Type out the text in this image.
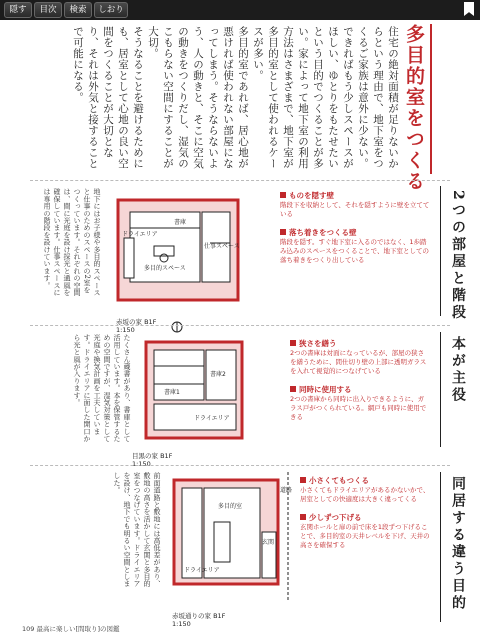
隠す	目次	検索	しおり
多目的室をつくる
住宅の絶対面積が足りないからという理由で、地下室をつくるご家族は意外に少ない。できればもう少しスペースがほしい、ゆとりをもたせたいという目的でつくることが多い。家によって地下室の利用方法はさまざまで、地下室が多目的室として使われるケースが多い。
多目的室であれば、居心地が悪ければ使われない部屋になってしまう。そうならないよう、人の動きと、そこに空気の動きをつくりだし、湿気のこもらない空間にすることが大切。
そうなることを避けるためにも、居室として心地の良い空間をつくることが大切となり、それは外気と接すること で可能になる。
2つの部屋と階段
地下にはお子様や多目的スペースと仕事のためのスペースの2室をつくっています。それぞれの空間は、間に光庭を設け採光と通風を確保しています。仕事スペースには専用の階段を設けています。	書庫
多目的スペース
仕事スペース
ドライエリア
赤坂の家 B1F
1:150
ものを隠す壁
階段下を収納として、それを隠すように壁を立てている
落ち着きをつくる壁
階段を隠す。すぐ地下室に入るのではなく、1歩踏み込みのスペースをつくることで、地下室としての落ち着きをつくり出している
本が主役
たくさん蔵書があり、書庫として活用しています。本を保管するための空間ですが、湿気対策として光庭や換気計画を工夫しています。ドライエリアに面した開口から光と風が入ります。	書庫1
書庫2
ドライエリア
目黒の家 B1F
1:150
狭さを繕う
2つの書庫は対面になっているが、部屋の狭さを繕うために、間仕切り壁の上部に透明ガラスを入れて視覚的につなげている
同時に使用する
2つの書庫から同時に出入りできるように、ガラス戸がつくられている。網戸も同時に使用できる
同居する違う目的
前面道路と敷地には高低差があり、敷地の高さを活かして玄関と多目的室をつなげています。ドライエリアを設け、地下でも明るい空間としました。
多目的室
ドライエリア
道路
玄関
赤坂通りの家 B1F
1:150
小さくてもつくる
小さくてもドライエリアがあるかないかで、居室としての快適度は大きく違ってくる
少しずつ下げる
玄関ホールと扉の前で床を1段ずつ下げることで、多目的室の天井レベルを下げ、天井の高さを確保する
109 最高に楽しい[間取り]の図鑑
